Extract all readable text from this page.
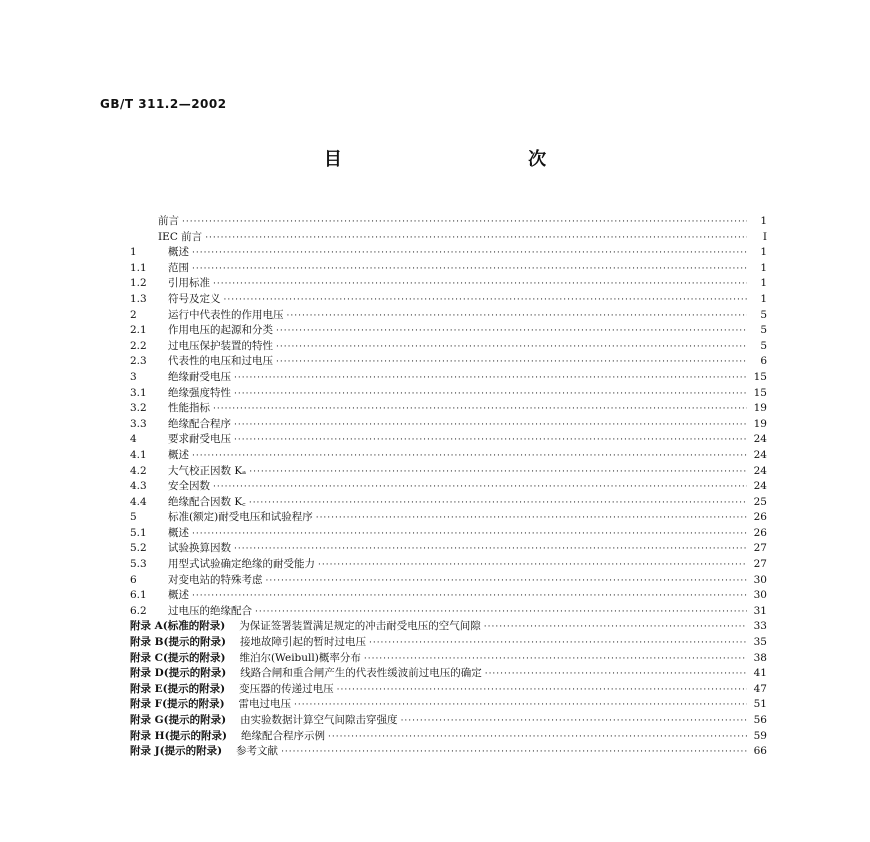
GB/T 311.2—2002
目 次
前言 ·····	1
IEC 前言 ·····	I
1	概述 ·····	1
1.1	范围 ·····	1
1.2	引用标准 ·····	1
1.3	符号及定义 ·····	1
2	运行中代表性的作用电压 ·····	5
2.1	作用电压的起源和分类 ·····	5
2.2	过电压保护装置的特性 ·····	5
2.3	代表性的电压和过电压 ·····	6
3	绝缘耐受电压 ·····	15
3.1	绝缘强度特性 ·····	15
3.2	性能指标 ·····	19
3.3	绝缘配合程序 ·····	19
4	要求耐受电压 ·····	24
4.1	概述 ·····	24
4.2	大气校正因数 Kₐ ·····	24
4.3	安全因数 ·····	24
4.4	绝缘配合因数 K꜀ ·····	25
5	标准(额定)耐受电压和试验程序 ·····	26
5.1	概述 ·····	26
5.2	试验换算因数 ·····	27
5.3	用型式试验确定绝缘的耐受能力 ·····	27
6	对变电站的特殊考虑 ·····	30
6.1	概述 ·····	30
6.2	过电压的绝缘配合 ·····	31
附录 A(标准的附录)	为保证签署装置满足规定的冲击耐受电压的空气间隙 ·····	33
附录 B(提示的附录)	接地故障引起的暂时过电压 ·····	35
附录 C(提示的附录)	维泊尔(Weibull)概率分布 ·····	38
附录 D(提示的附录)	线路合闸和重合闸产生的代表性缓波前过电压的确定 ·····	41
附录 E(提示的附录)	变压器的传递过电压 ·····	47
附录 F(提示的附录)	雷电过电压 ·····	51
附录 G(提示的附录)	由实验数据计算空气间隙击穿强度 ·····	56
附录 H(提示的附录)	绝缘配合程序示例 ·····	59
附录 J(提示的附录)	参考文献 ·····	66
